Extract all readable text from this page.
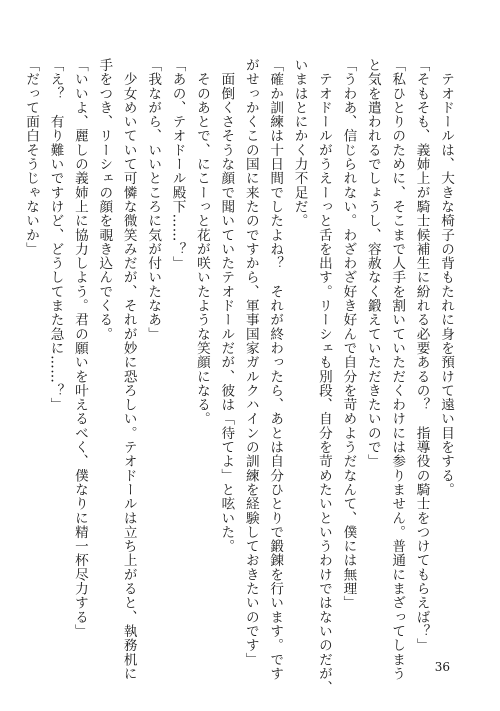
　テオドールは、大きな椅子の背もたれに身を預けて遠い目をする。

「そもそも、義姉上が騎士候補生に紛れる必要あるの？　指導役の騎士をつけてもらえば？」

「私ひとりのために、そこまで人手を割いていただくわけには参りません。普通にまざってしまう

と気を遣われるでしょうし、容赦なく鍛えていただきたいので」

「うわあ、信じられない。わざわざ好き好んで自分を苛めようだなんて、僕には無理」

　テオドールがうえーっと舌を出す。リーシェも別段、自分を苛めたいというわけではないのだが、

いまはとにかく力不足だ。

「確か訓練は十日間でしたよね？　それが終わったら、あとは自分ひとりで鍛錬を行います。です

がせっかくこの国に来たのですから、軍事国家ガルクハインの訓練を経験しておきたいのです」

　面倒くさそうな顔で聞いていたテオドールだが、彼は「待てよ」と呟いた。

　そのあとで、にこーっと花が咲いたような笑顔になる。

「あの、テオドール殿下……？」

「我ながら、いいところに気が付いたなあ」

　少女めいていて可憐な微笑みだが、それが妙に恐ろしい。テオドールは立ち上がると、執務机に

手をつき、リーシェの顔を覗き込んでくる。

「いいよ、麗しの義姉上に協力しよう。君の願いを叶えるべく、僕なりに精一杯尽力する」

「え？　有り難いですけど、どうしてまた急に……？」

「だって面白そうじゃないか」

36
